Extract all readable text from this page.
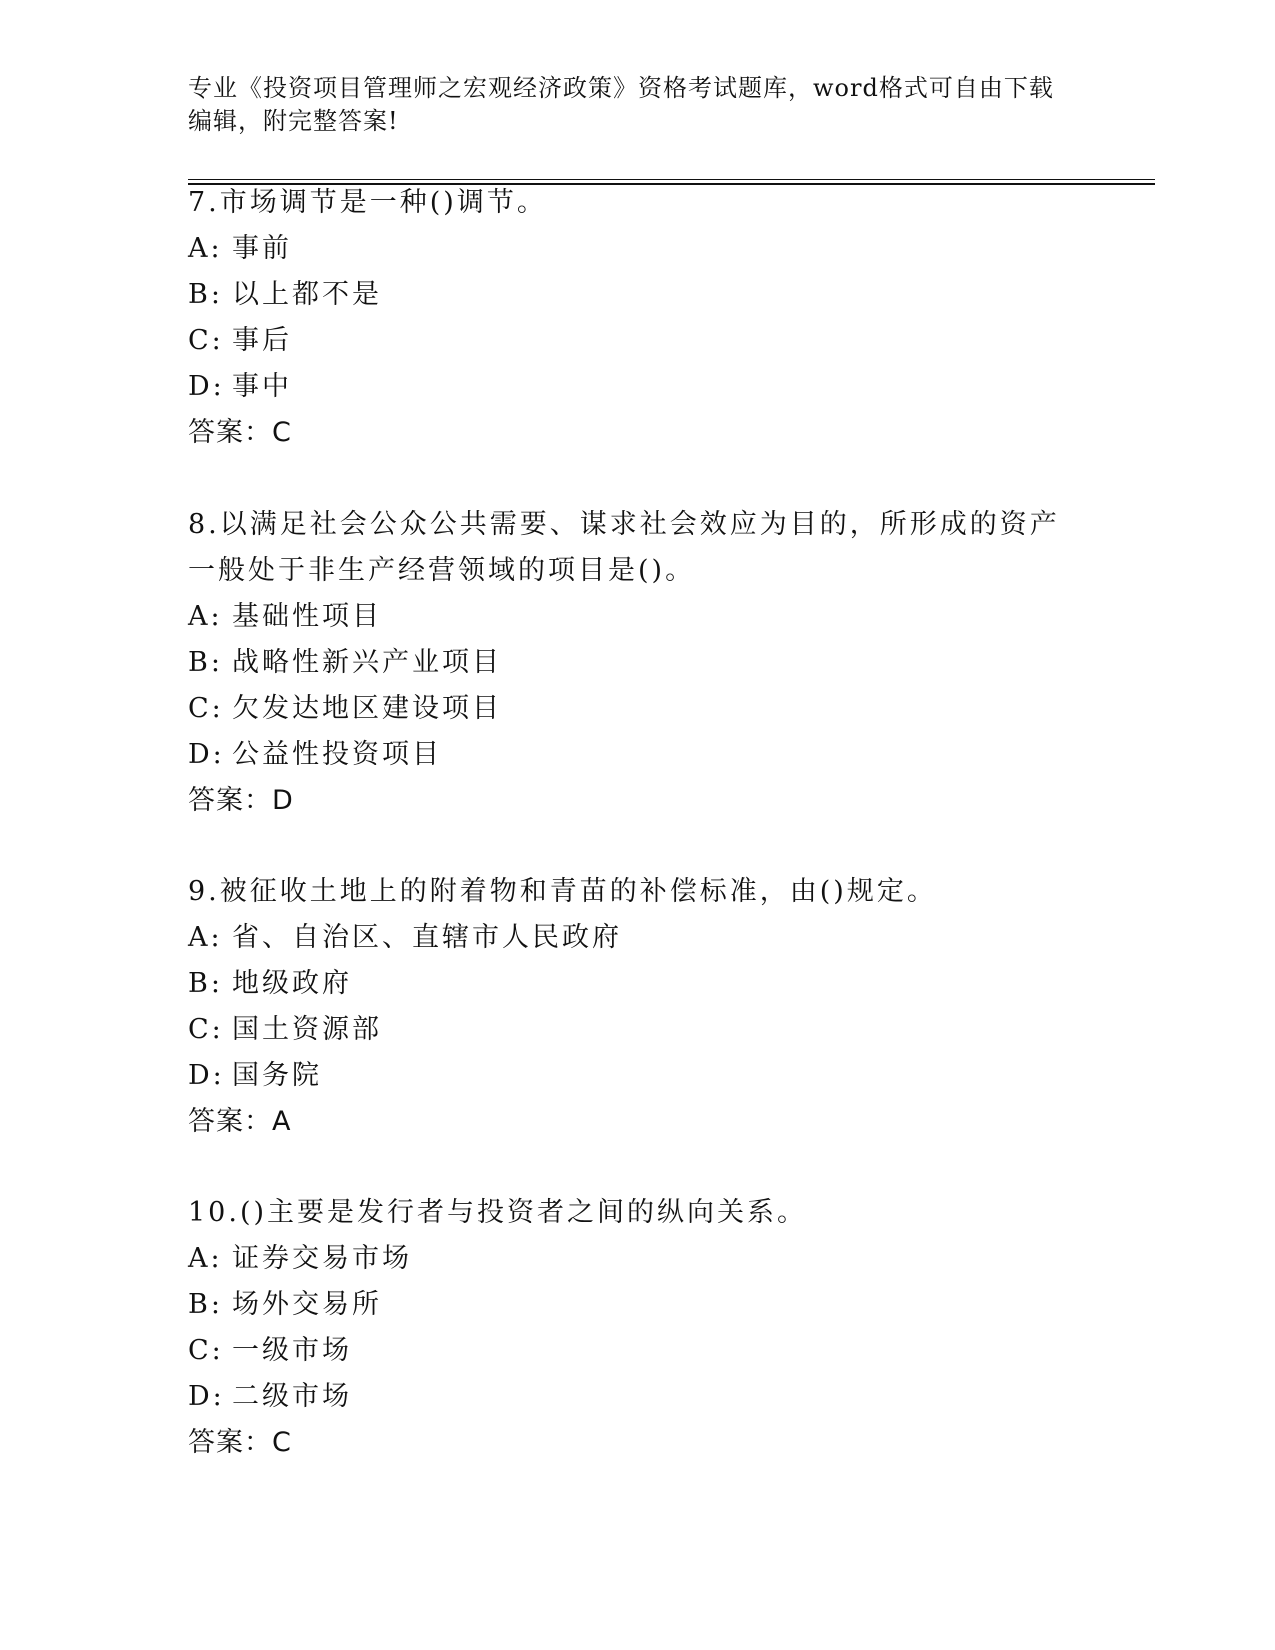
专业《投资项目管理师之宏观经济政策》资格考试题库，word格式可自由下载编辑，附完整答案!

7.市场调节是一种()调节。

A: 事前
B: 以上都不是
C: 事后
D: 事中

答案：C

8.以满足社会公众公共需要、谋求社会效应为目的，所形成的资产一般处于非生产经营领域的项目是()。

A: 基础性项目
B: 战略性新兴产业项目
C: 欠发达地区建设项目
D: 公益性投资项目

答案：D

9.被征收土地上的附着物和青苗的补偿标准，由()规定。

A: 省、自治区、直辖市人民政府
B: 地级政府
C: 国土资源部
D: 国务院

答案：A

10.()主要是发行者与投资者之间的纵向关系。

A: 证券交易市场
B: 场外交易所
C: 一级市场
D: 二级市场

答案：C
